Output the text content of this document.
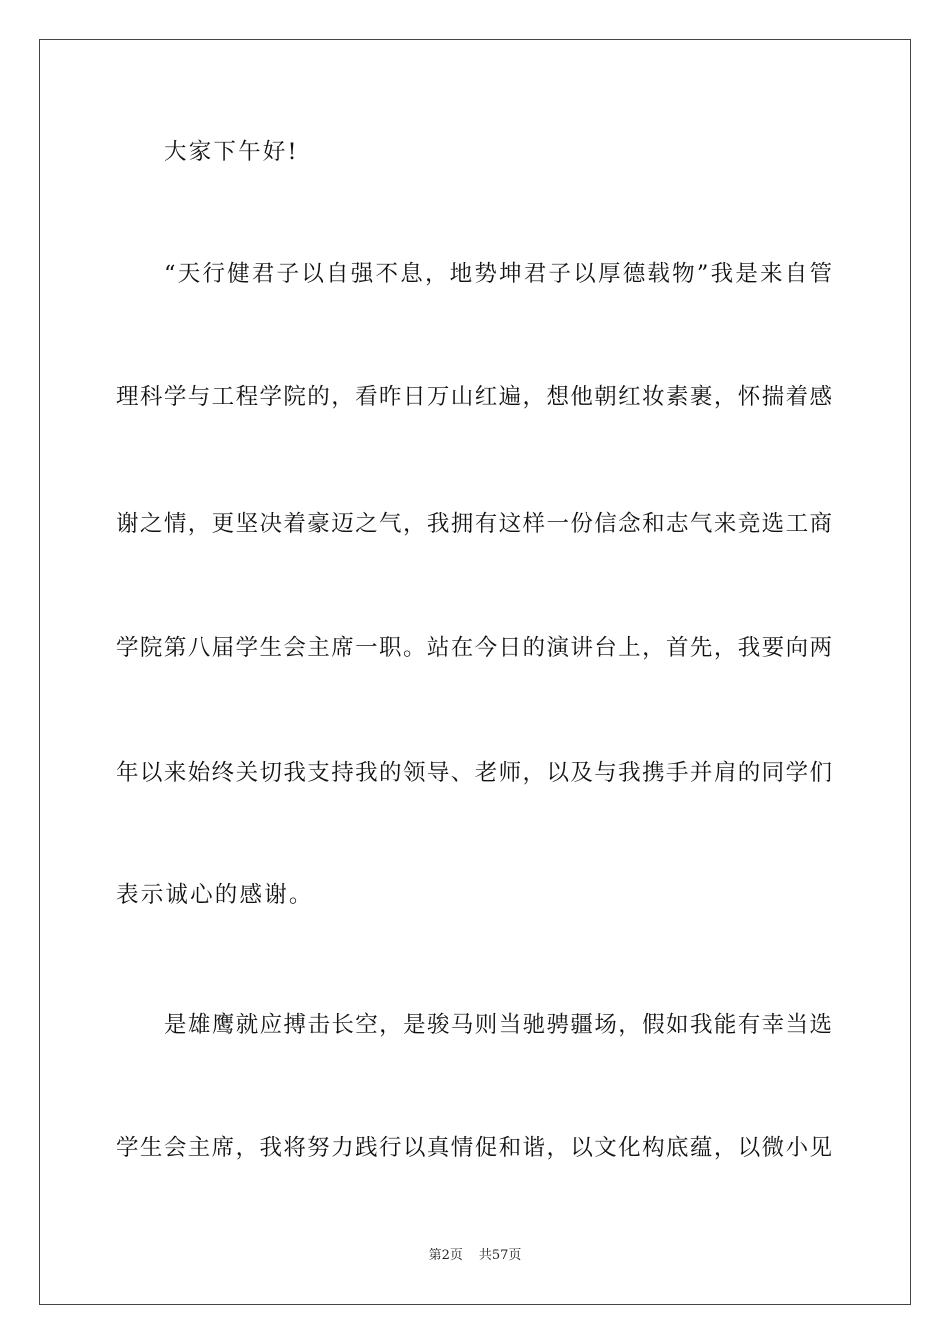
大家下午好!
“天行健君子以自强不息，地势坤君子以厚德载物”我是来自管
理科学与工程学院的，看昨日万山红遍，想他朝红妆素裹，怀揣着感
谢之情，更坚决着豪迈之气，我拥有这样一份信念和志气来竞选工商
学院第八届学生会主席一职。站在今日的演讲台上，首先，我要向两
年以来始终关切我支持我的领导、老师，以及与我携手并肩的同学们
表示诚心的感谢。
是雄鹰就应搏击长空，是骏马则当驰骋疆场，假如我能有幸当选
学生会主席，我将努力践行以真情促和谐，以文化构底蕴，以微小见
第2页 共57页
